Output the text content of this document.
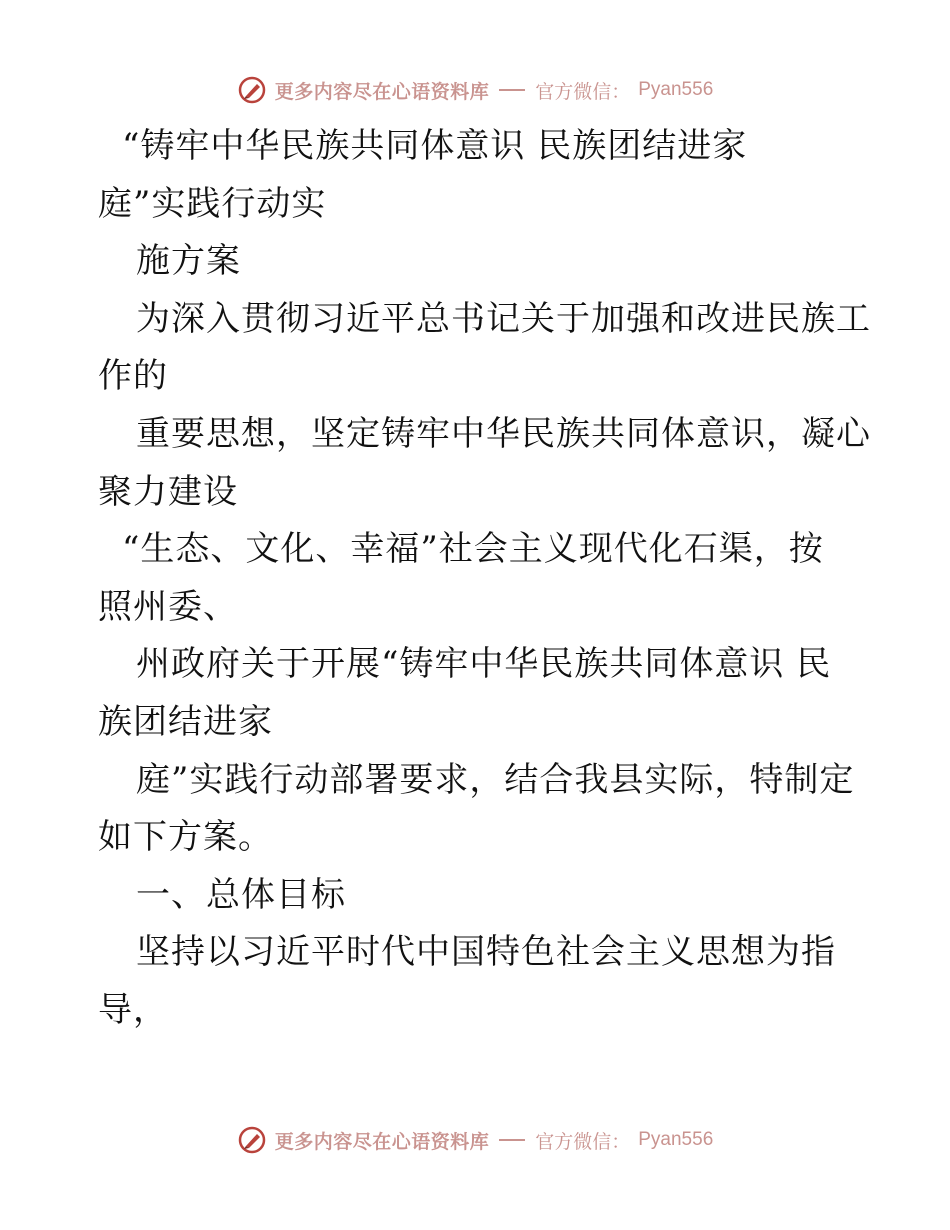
更多内容尽在心语资料库 官方微信： Pyan556
“铸牢中华民族共同体意识 民族团结进家
庭”实践行动实
施方案
为深入贯彻习近平总书记关于加强和改进民族工
作的
重要思想，坚定铸牢中华民族共同体意识，凝心
聚力建设
“生态、文化、幸福”社会主义现代化石渠，按
照州委、
州政府关于开展“铸牢中华民族共同体意识 民
族团结进家
庭”实践行动部署要求，结合我县实际，特制定
如下方案。
一、总体目标
坚持以习近平时代中国特色社会主义思想为指
导，
更多内容尽在心语资料库 官方微信： Pyan556
